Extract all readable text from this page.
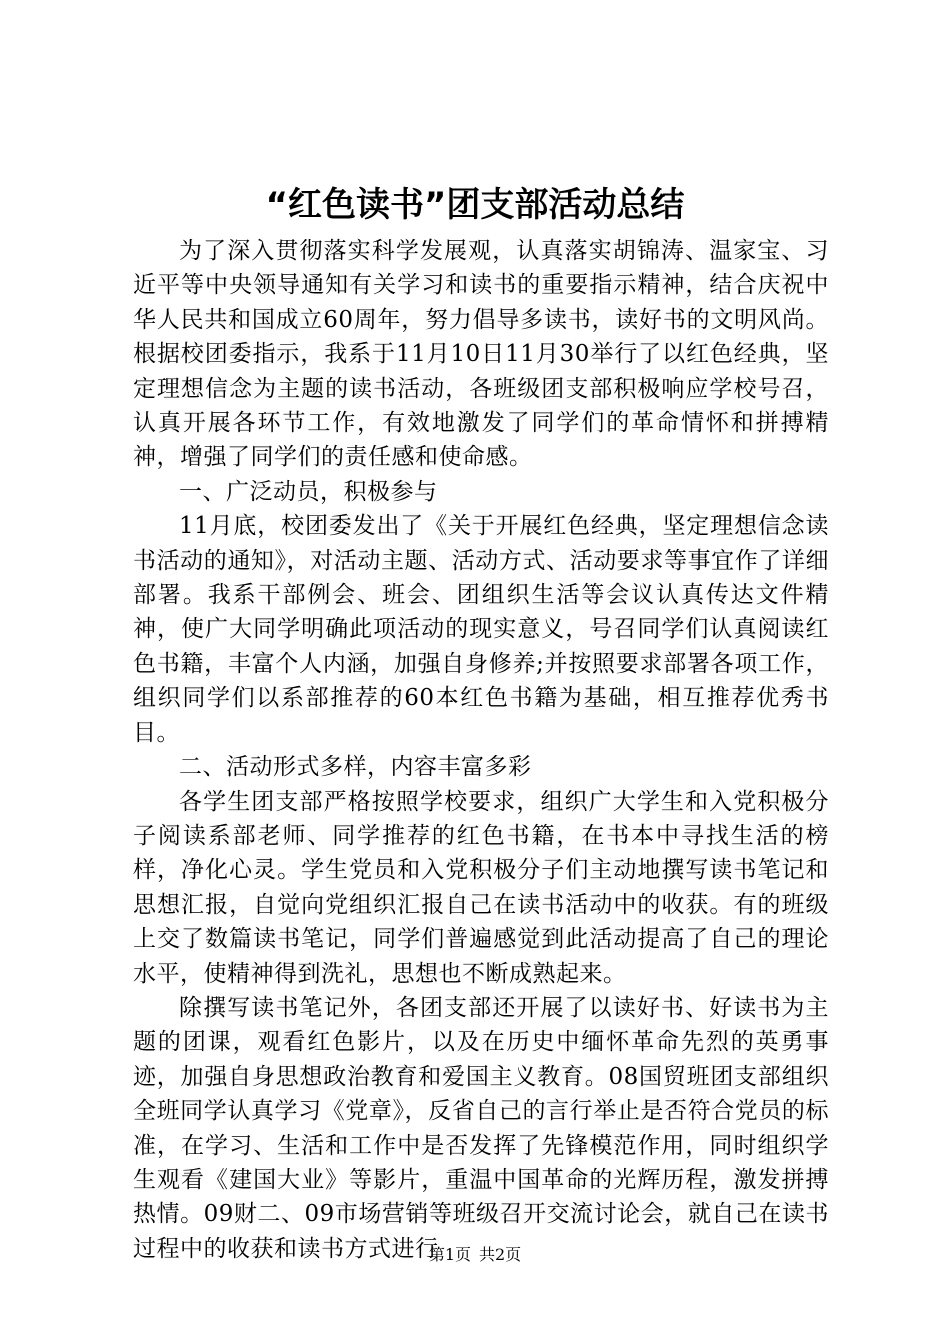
“红色读书”团支部活动总结

为了深入贯彻落实科学发展观，认真落实胡锦涛、温家宝、习近平等中央领导通知有关学习和读书的重要指示精神，结合庆祝中华人民共和国成立60周年，努力倡导多读书，读好书的文明风尚。根据校团委指示，我系于11月10日11月30举行了以红色经典，坚定理想信念为主题的读书活动，各班级团支部积极响应学校号召，认真开展各环节工作，有效地激发了同学们的革命情怀和拼搏精神，增强了同学们的责任感和使命感。

一、广泛动员，积极参与

11月底，校团委发出了《关于开展红色经典，坚定理想信念读书活动的通知》，对活动主题、活动方式、活动要求等事宜作了详细部署。我系干部例会、班会、团组织生活等会议认真传达文件精神，使广大同学明确此项活动的现实意义，号召同学们认真阅读红色书籍，丰富个人内涵，加强自身修养;并按照要求部署各项工作，组织同学们以系部推荐的60本红色书籍为基础，相互推荐优秀书目。

二、活动形式多样，内容丰富多彩

各学生团支部严格按照学校要求，组织广大学生和入党积极分子阅读系部老师、同学推荐的红色书籍，在书本中寻找生活的榜样，净化心灵。学生党员和入党积极分子们主动地撰写读书笔记和思想汇报，自觉向党组织汇报自己在读书活动中的收获。有的班级上交了数篇读书笔记，同学们普遍感觉到此活动提高了自己的理论水平，使精神得到洗礼，思想也不断成熟起来。

除撰写读书笔记外，各团支部还开展了以读好书、好读书为主题的团课，观看红色影片，以及在历史中缅怀革命先烈的英勇事迹，加强自身思想政治教育和爱国主义教育。08国贸班团支部组织全班同学认真学习《党章》，反省自己的言行举止是否符合党员的标准，在学习、生活和工作中是否发挥了先锋模范作用，同时组织学生观看《建国大业》等影片，重温中国革命的光辉历程，激发拼搏热情。09财二、09市场营销等班级召开交流讨论会，就自己在读书过程中的收获和读书方式进行

第1页 共2页
